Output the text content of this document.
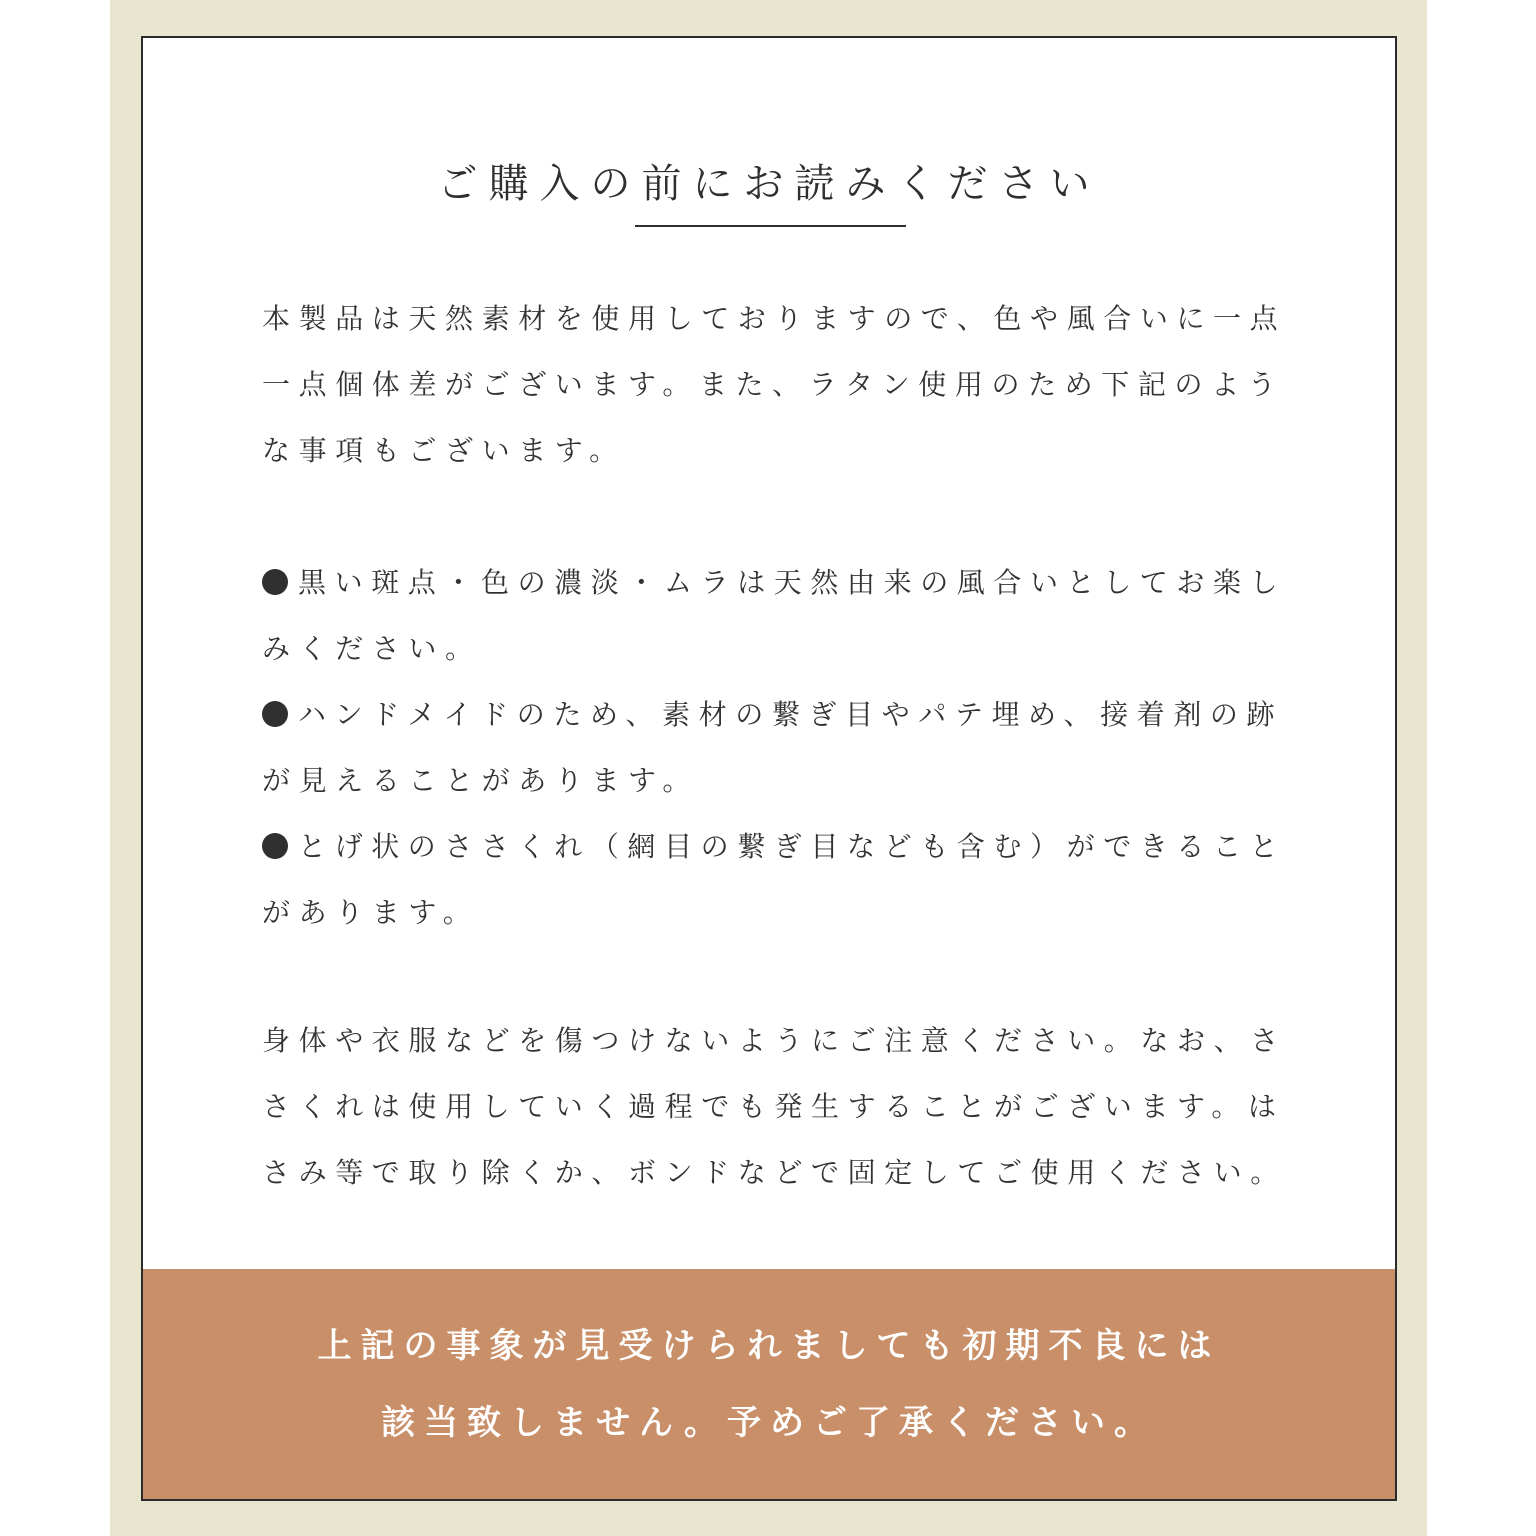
ご購入の前にお読みください
本製品は天然素材を使用しておりますので、色や風合いに一点
一点個体差がございます。また、ラタン使用のため下記のよう
な事項もございます。
黒い斑点・色の濃淡・ムラは天然由来の風合いとしてお楽し
みください。
ハンドメイドのため、素材の繋ぎ目やパテ埋め、接着剤の跡
が見えることがあります。
とげ状のささくれ（網目の繋ぎ目なども含む）ができること
があります。
身体や衣服などを傷つけないようにご注意ください。なお、さ
さくれは使用していく過程でも発生することがございます。は
さみ等で取り除くか、ボンドなどで固定してご使用ください。
上記の事象が見受けられましても初期不良には
該当致しません。予めご了承ください。
